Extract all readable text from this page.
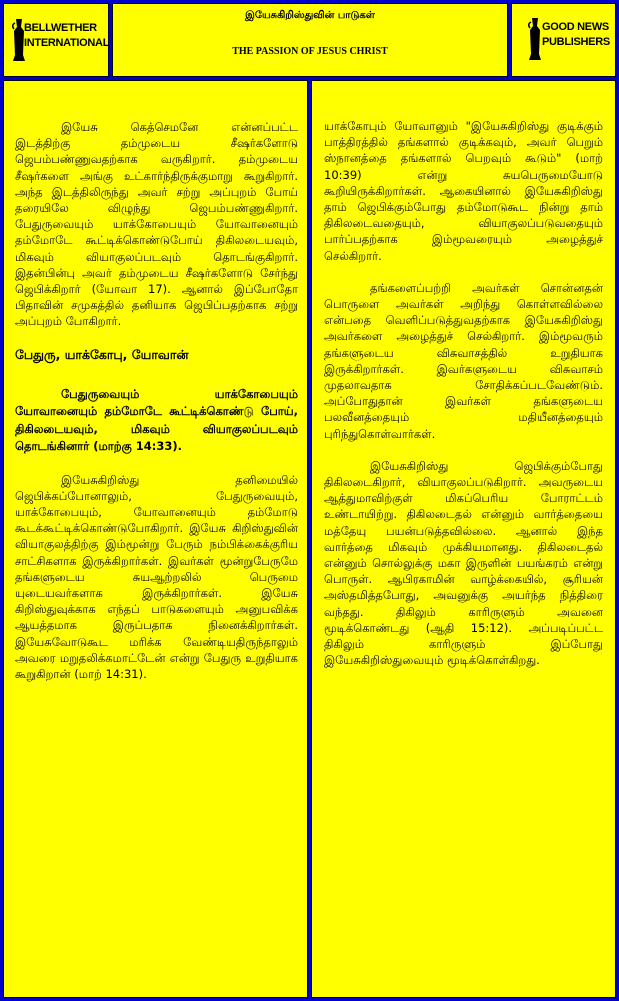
BELLWETHER
INTERNATIONAL
இயேசுகிறிஸ்துவின் பாடுகள்
THE PASSION OF JESUS CHRIST
GOOD NEWS
PUBLISHERS

இயேசு கெத்செமனே என்னப்பட்ட இடத்திற்கு தம்முடைய சீஷர்களோடு ஜெபம்பண்ணுவதற்காக வருகிறார். தம்முடைய சீஷர்களை அங்கு உட்கார்ந்திருக்குமாறு கூறுகிறார். அந்த இடத்திலிருந்து அவர் சற்று அப்புறம் போய் தரையிலே விழுந்து ஜெபம்பண்ணுகிறார். பேதுருவையும் யாக்கோபையும் யோவானையும் தம்மோடே கூட்டிக்கொண்டுபோய் திகிலடையவும், மிகவும் வியாகுலப்படவும் தொடங்குகிறார். இதன்பின்பு அவர் தம்முடைய சீஷர்களோடு சேர்ந்து ஜெபிக்கிறார் (யோவா 17). ஆனால் இப்போதோ பிதாவின் சமுகத்தில் தனியாக ஜெபிப்பதற்காக சற்று அப்புறம் போகிறார்.

பேதுரு, யாக்கோபு, யோவான்

பேதுருவையும் யாக்கோபையும் யோவானையும் தம்மோடே கூட்டிக்கொண்டு போய், திகிலடையவும், மிகவும் வியாகுலப்படவும் தொடங்கினார் (மாற்கு 14:33).

இயேசுகிறிஸ்து தனிமையில் ஜெபிக்கப்போனாலும், பேதுருவையும், யாக்கோபையும், யோவானையும் தம்மோடு கூடக்கூட்டிக்கொண்டுபோகிறார். இயேசு கிறிஸ்துவின் வியாகுலத்திற்கு இம்மூன்று பேரும் நம்பிக்கைக்குரிய சாட்சிகளாக இருக்கிறார்கள். இவர்கள் மூன்றுபேருமே தங்களுடைய சுயஆற்றலில் பெருமை யுடையவர்களாக இருக்கிறார்கள். இயேசு கிறிஸ்துவுக்காக எந்தப் பாடுகளையும் அனுபவிக்க ஆயத்தமாக இருப்பதாக நினைக்கிறார்கள். இயேசுவோடுகூட மரிக்க வேண்டியதிருந்தாலும் அவரை மறுதலிக்கமாட்டேன் என்று பேதுரு உறுதியாக கூறுகிறான் (மாற் 14:31).

யாக்கோபும் யோவானும் "இயேசுகிறிஸ்து குடிக்கும் பாத்திரத்தில் தங்களால் குடிக்கவும், அவர் பெறும் ஸ்நானத்தை தங்களால் பெறவும் கூடும்" (மாற் 10:39) என்று சுயபெருமையோடு கூறியிருக்கிறார்கள். ஆகையினால் இயேசுகிறிஸ்து தாம் ஜெபிக்கும்போது தம்மோடுகூட நின்று தாம் திகிலடைவதையும், வியாகுலப்படுவதையும் பார்ப்பதற்காக இம்மூவரையும் அழைத்துச் செல்கிறார்.

தங்களைப்பற்றி அவர்கள் சொன்னதன் பொருளை அவர்கள் அறிந்து கொள்ளவில்லை என்பதை வெளிப்படுத்துவதற்காக இயேசுகிறிஸ்து அவர்களை அழைத்துச் செல்கிறார். இம்மூவரும் தங்களுடைய விசுவாசத்தில் உறுதியாக இருக்கிறார்கள். இவர்களுடைய விசுவாசம் முதலாவதாக சோதிக்கப்படவேண்டும். அப்போதுதான் இவர்கள் தங்களுடைய பலவீனத்தையும் மதியீனத்தையும் புரிந்துகொள்வார்கள்.

இயேசுகிறிஸ்து ஜெபிக்கும்போது திகிலடைகிறார், வியாகுலப்படுகிறார். அவருடைய ஆத்துமாவிற்குள் மிகப்பெரிய போராட்டம் உண்டாயிற்று. திகிலடைதல் என்னும் வார்த்தையை மத்தேயு பயன்படுத்தவில்லை. ஆனால் இந்த வார்த்தை மிகவும் முக்கியமானது. திகிலடைதல் என்னும் சொல்லுக்கு மகா இருளின் பயங்கரம் என்று பொருள். ஆபிரகாமின் வாழ்க்கையில், சூரியன் அஸ்தமித்தபோது, அவனுக்கு அயர்ந்த நித்திரை வந்தது. திகிலும் காரிருளும் அவனை மூடிக்கொண்டது (ஆதி 15:12). அப்படிப்பட்ட திகிலும் காரிருளும் இப்போது இயேசுகிறிஸ்துவையும் மூடிக்கொள்கிறது.
